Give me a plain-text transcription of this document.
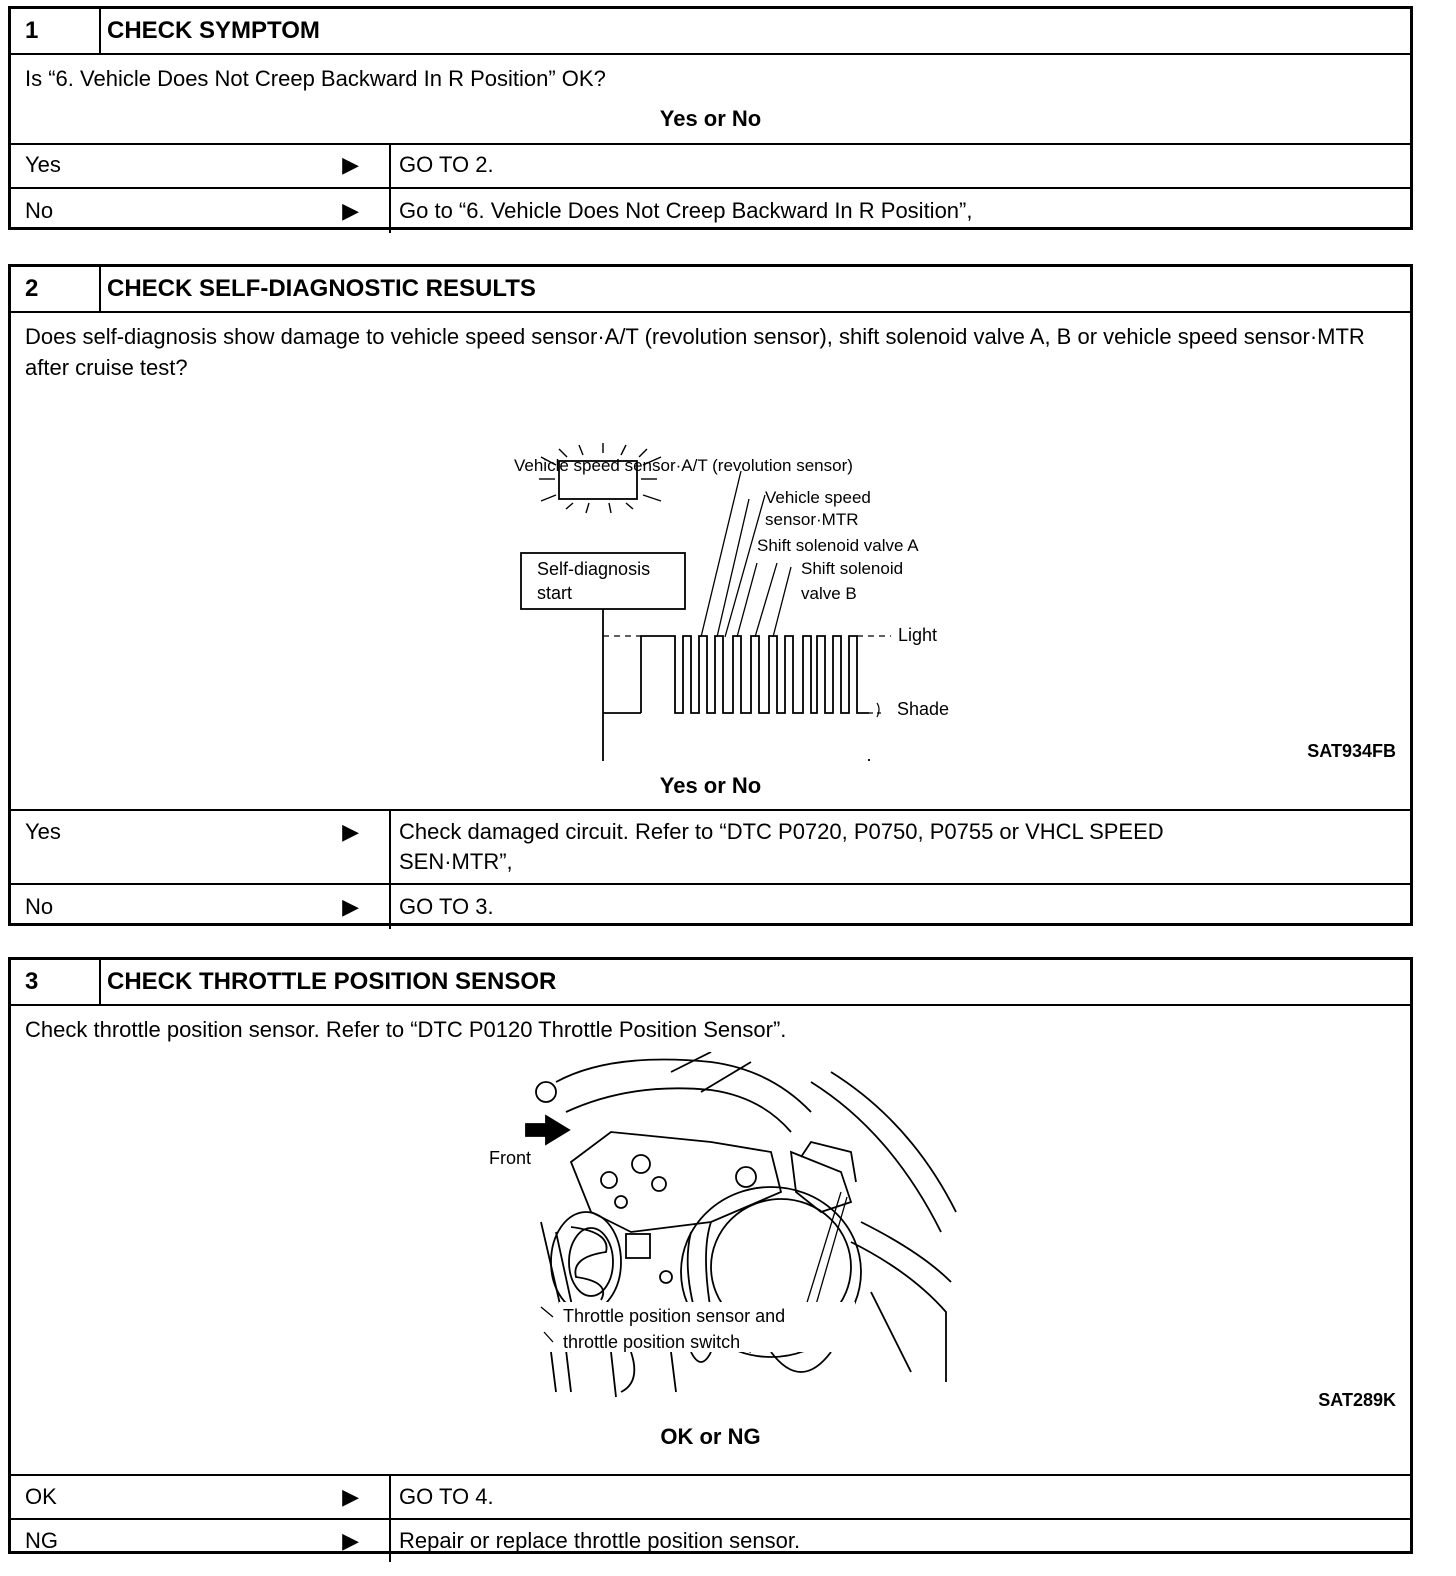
1	CHECK SYMPTOM
Is “6. Vehicle Does Not Creep Backward In R Position” OK?
Yes or No
Yes	▶	GO TO 2.
No	▶	Go to “6. Vehicle Does Not Creep Backward In R Position”,
2	CHECK SELF-DIAGNOSTIC RESULTS
Does self-diagnosis show damage to vehicle speed sensor·A/T (revolution sensor), shift solenoid valve A, B or vehicle speed sensor·MTR after cruise test?
Vehicle speed sensor·A/T (revolution sensor)
Vehicle speed
sensor·MTR
Shift solenoid valve A
Shift solenoid
valve B
Self-diagnosis
start
Light
Shade
SAT934FB
Yes or No
Yes	▶ Check damaged circuit. Refer to “DTC P0720, P0750, P0755 or VHCL SPEED
SEN·MTR”,
No	▶	GO TO 3.
3	CHECK THROTTLE POSITION SENSOR
Check throttle position sensor. Refer to “DTC P0120 Throttle Position Sensor”.
Front
Throttle position sensor and
throttle position switch
SAT289K
OK or NG
OK	▶	GO TO 4.
NG	▶	Repair or replace throttle position sensor.
